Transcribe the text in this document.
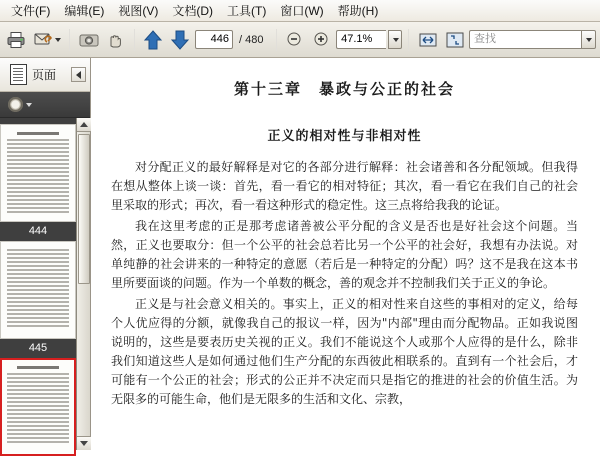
文件(F)	编辑(E)	视图(V)	文档(D)	工具(T)	窗口(W)	帮助(H)
446 / 480	47.1%	查找
页面
444
445
446
第十三章　暴政与公正的社会
正义的相对性与非相对性

对分配正义的最好解释是对它的各部分进行解释：社会诸善和各分配领域。但我得在想从整体上谈一谈：首先，看一看它的相对特征；其次，看一看它在我们自己的社会里采取的形式；再次，看一看这种形式的稳定性。这三点将给我我的论证。

我在这里考虑的正是那考虑诸善被公平分配的含义是否也是好社会这个问题。当然，正义也要取分：但一个公平的社会总若比另一个公平的社会好，我想有办法说。对单纯静的社会讲来的一种特定的意愿（若后是一种特定的分配）吗？这不是我在这本书里所要面谈的问题。作为一个单数的概念，善的观念并不控制我们关于正义的争论。

正义是与社会意义相关的。事实上，正义的相对性来自这些的事相对的定义，给每个人优应得的分额，就像我自己的报议一样，因为"内部"理由而分配物品。正如我说图说明的，这些是要表历史关视的正义。我们不能说这个人或那个人应得的是什么，除非我们知道这些人是如何通过他们生产分配的东西彼此相联系的。直到有一个社会后，才可能有一个公正的社会；形式的公正并不决定而只是指它的推进的社会的价值生活。为无限多的可能生命，他们是无限多的生活和文化、宗教，
